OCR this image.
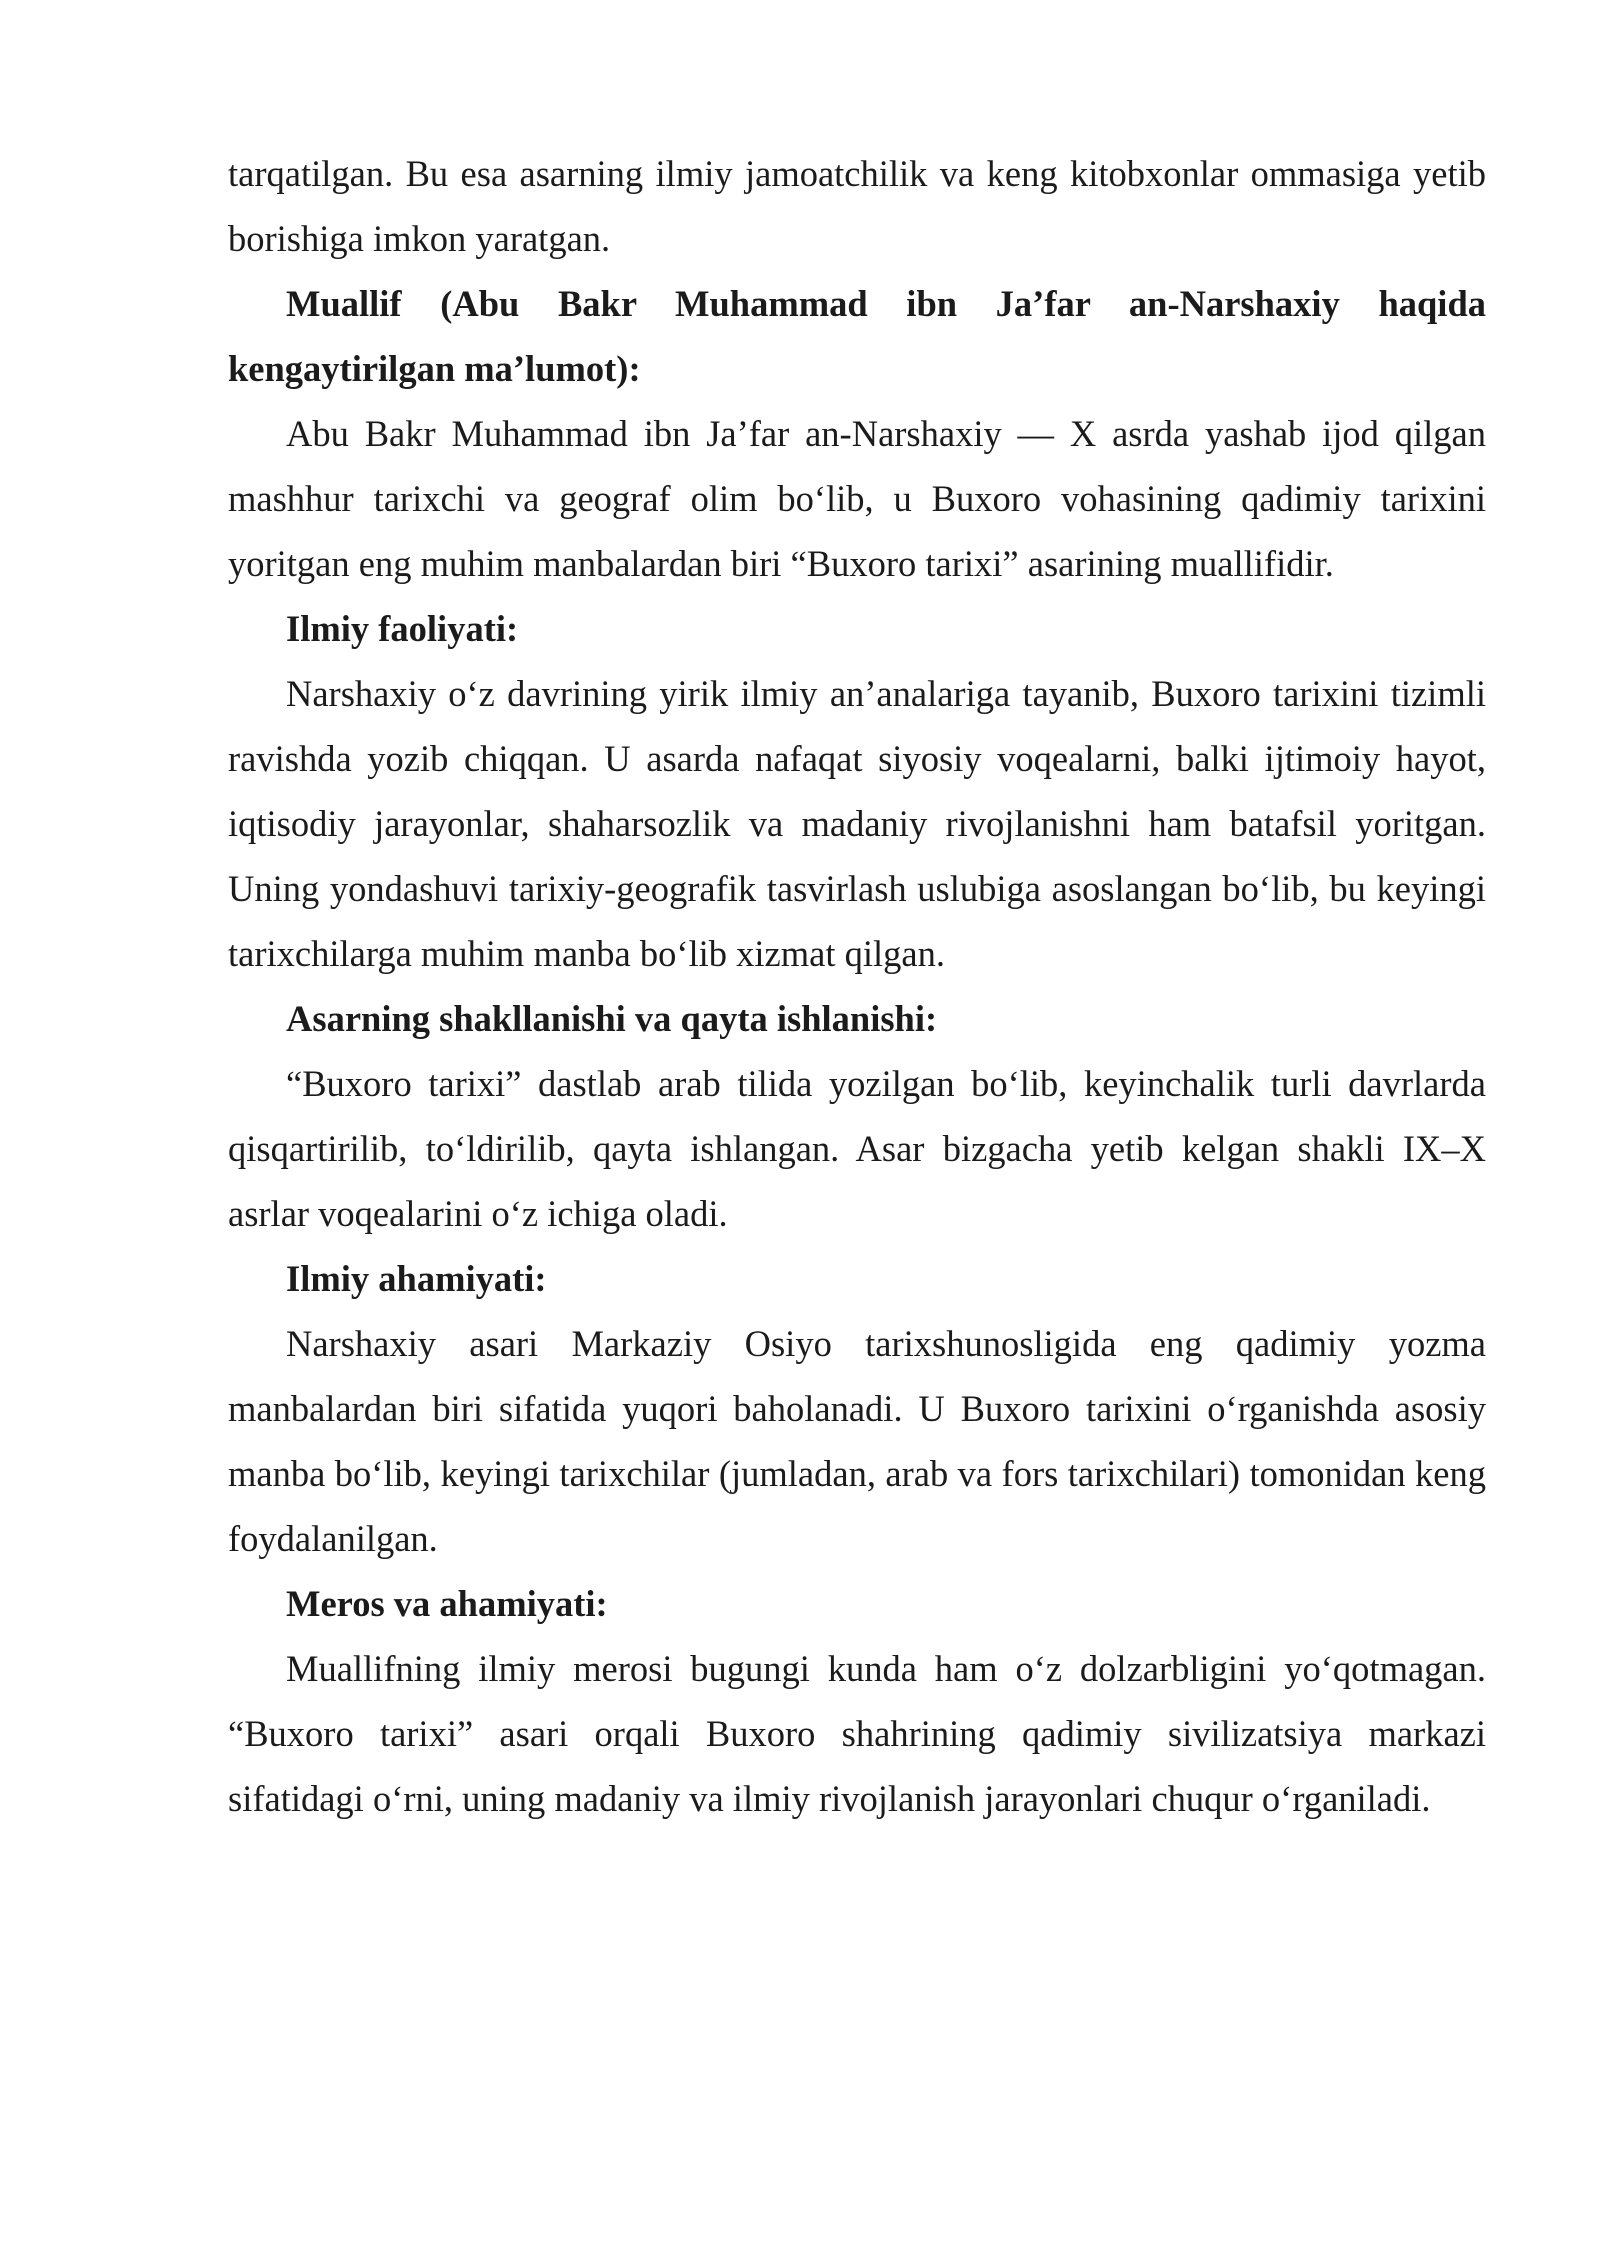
tarqatilgan. Bu esa asarning ilmiy jamoatchilik va keng kitobxonlar ommasiga yetib borishiga imkon yaratgan.

Muallif (Abu Bakr Muhammad ibn Ja’far an-Narshaxiy haqida kengaytirilgan ma’lumot):

Abu Bakr Muhammad ibn Ja’far an-Narshaxiy — X asrda yashab ijod qilgan mashhur tarixchi va geograf olim bo‘lib, u Buxoro vohasining qadimiy tarixini yoritgan eng muhim manbalardan biri “Buxoro tarixi” asarining muallifidir.

Ilmiy faoliyati:

Narshaxiy o‘z davrining yirik ilmiy an’analariga tayanib, Buxoro tarixini tizimli ravishda yozib chiqqan. U asarda nafaqat siyosiy voqealarni, balki ijtimoiy hayot, iqtisodiy jarayonlar, shaharsozlik va madaniy rivojlanishni ham batafsil yoritgan. Uning yondashuvi tarixiy-geografik tasvirlash uslubiga asoslangan bo‘lib, bu keyingi tarixchilarga muhim manba bo‘lib xizmat qilgan.

Asarning shakllanishi va qayta ishlanishi:

“Buxoro tarixi” dastlab arab tilida yozilgan bo‘lib, keyinchalik turli davrlarda qisqartirilib, to‘ldirilib, qayta ishlangan. Asar bizgacha yetib kelgan shakli IX–X asrlar voqealarini o‘z ichiga oladi.

Ilmiy ahamiyati:

Narshaxiy asari Markaziy Osiyo tarixshunosligida eng qadimiy yozma manbalardan biri sifatida yuqori baholanadi. U Buxoro tarixini o‘rganishda asosiy manba bo‘lib, keyingi tarixchilar (jumladan, arab va fors tarixchilari) tomonidan keng foydalanilgan.

Meros va ahamiyati:

Muallifning ilmiy merosi bugungi kunda ham o‘z dolzarbligini yo‘qotmagan. “Buxoro tarixi” asari orqali Buxoro shahrining qadimiy sivilizatsiya markazi sifatidagi o‘rni, uning madaniy va ilmiy rivojlanish jarayonlari chuqur o‘rganiladi.
